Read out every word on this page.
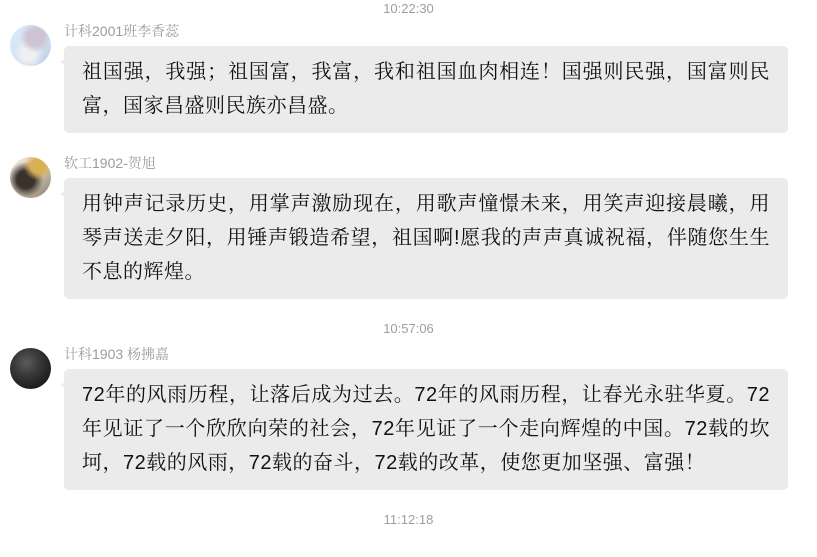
10:22:30
计科2001班李香蕊
祖国强，我强；祖国富，我富，我和祖国血肉相连！国强则民强，国富则民富，国家昌盛则民族亦昌盛。
软工1902-贺旭
用钟声记录历史，用掌声激励现在，用歌声憧憬未来，用笑声迎接晨曦，用琴声送走夕阳，用锤声锻造希望，祖国啊!愿我的声声真诚祝福，伴随您生生不息的辉煌。
10:57:06
计科1903 杨拂嚞
72年的风雨历程，让落后成为过去。72年的风雨历程，让春光永驻华夏。72年见证了一个欣欣向荣的社会，72年见证了一个走向辉煌的中国。72载的坎坷，72载的风雨，72载的奋斗，72载的改革，使您更加坚强、富强！
11:12:18
